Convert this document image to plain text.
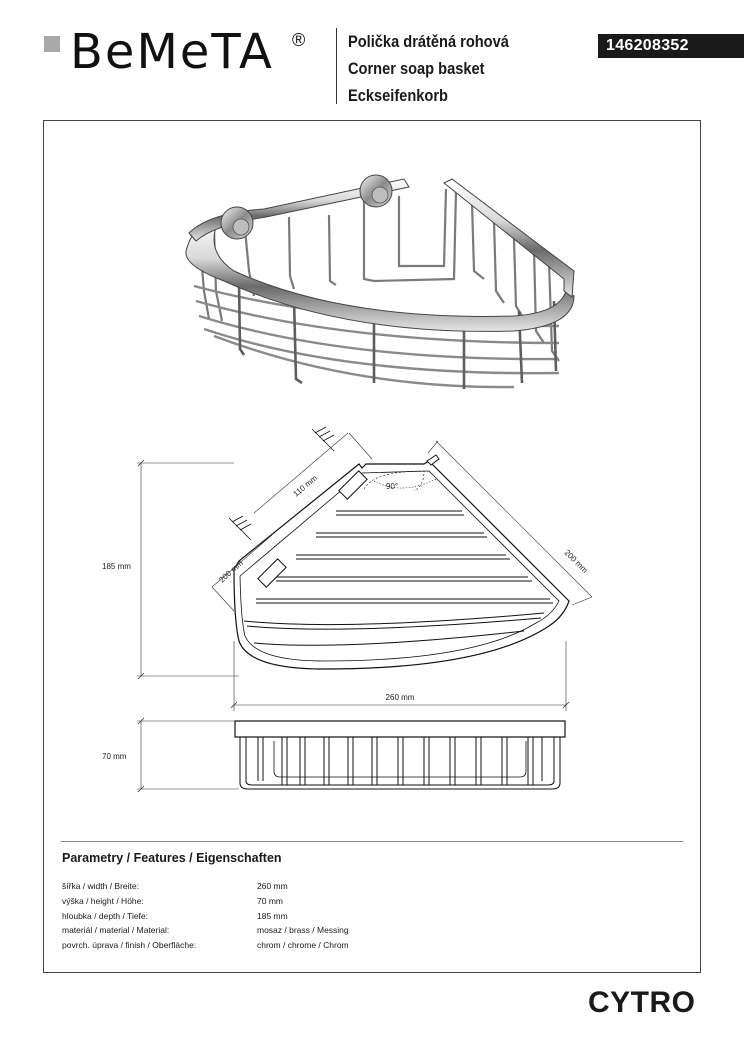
BeMeTA ®	Polička drátěná rohová
Corner soap basket
Eckseifenkorb
146208352
90°
110 mm
200 mm	200 mm
185 mm
260 mm
70 mm
Parametry / Features / Eigenschaften
šířka / width / Breite:	260 mm
výška / height / Höhe:	70 mm
hloubka / depth / Tiefe:	185 mm
materiál / material / Material:	mosaz / brass / Messing
povrch. úprava / finish / Oberfläche:	chrom / chrome / Chrom
CYTRO
